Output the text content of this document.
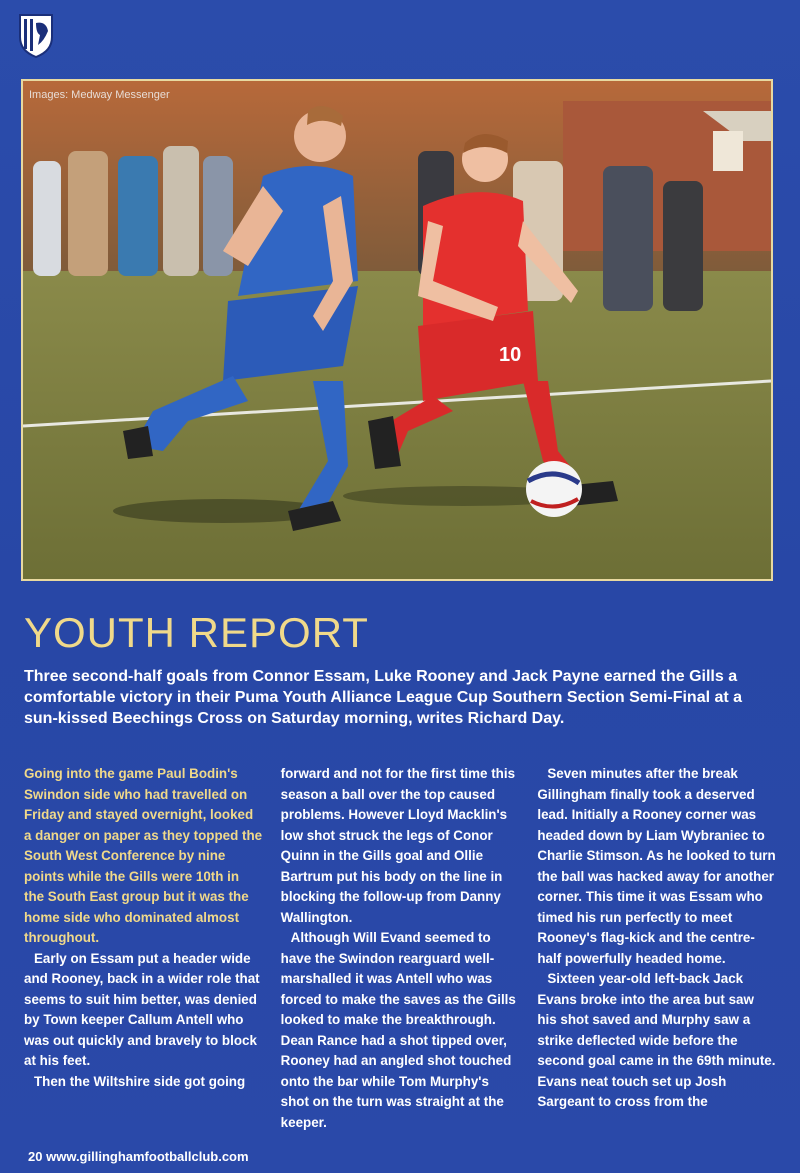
10
Images: Medway Messenger
YOUTH REPORT

Three second-half goals from Connor Essam, Luke Rooney and Jack Payne earned the Gills a comfortable victory in their Puma Youth Alliance League Cup Southern Section Semi-Final at a sun-kissed Beechings Cross on Saturday morning, writes Richard Day.

Going into the game Paul Bodin's Swindon side who had travelled on Friday and stayed overnight, looked a danger on paper as they topped the South West Conference by nine points while the Gills were 10th in the South East group but it was the home side who dominated almost throughout.

Early on Essam put a header wide and Rooney, back in a wider role that seems to suit him better, was denied by Town keeper Callum Antell who was out quickly and bravely to block at his feet.

Then the Wiltshire side got going

forward and not for the first time this season a ball over the top caused problems. However Lloyd Macklin's low shot struck the legs of Conor Quinn in the Gills goal and Ollie Bartrum put his body on the line in blocking the follow-up from Danny Wallington.

Although Will Evand seemed to have the Swindon rearguard well-marshalled it was Antell who was forced to make the saves as the Gills looked to make the breakthrough. Dean Rance had a shot tipped over, Rooney had an angled shot touched onto the bar while Tom Murphy's shot on the turn was straight at the keeper.

Seven minutes after the break Gillingham finally took a deserved lead. Initially a Rooney corner was headed down by Liam Wybraniec to Charlie Stimson. As he looked to turn the ball was hacked away for another corner. This time it was Essam who timed his run perfectly to meet Rooney's flag-kick and the centre-half powerfully headed home.

Sixteen year-old left-back Jack Evans broke into the area but saw his shot saved and Murphy saw a strike deflected wide before the second goal came in the 69th minute. Evans neat touch set up Josh Sargeant to cross from the

20 www.gillinghamfootballclub.com
